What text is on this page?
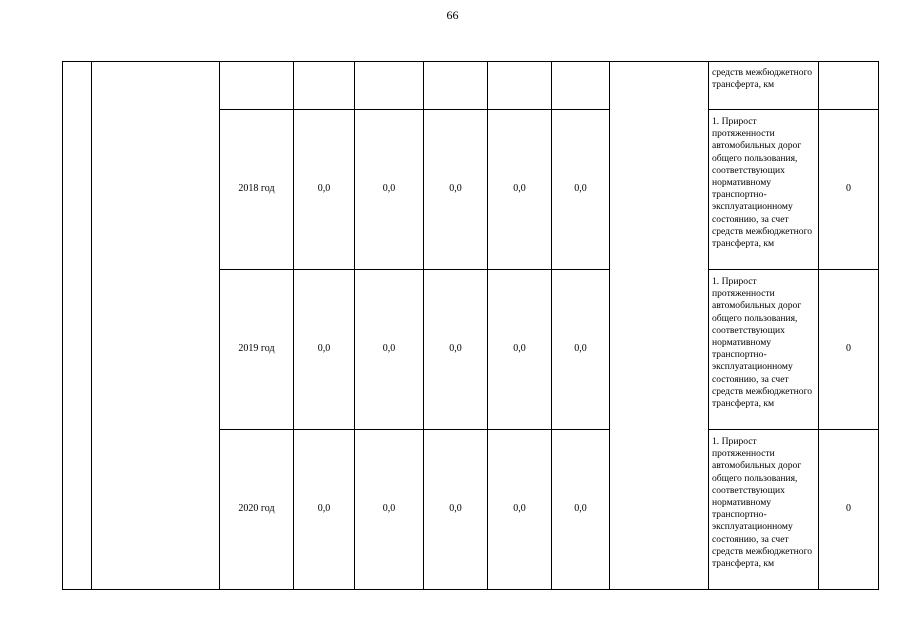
66
									средств межбюджетного трансферта, км	
		2018 год	0,0	0,0	0,0	0,0	0,0		1. Прирост протяженности автомобильных дорог общего пользования, соответствующих нормативному транспортно-эксплуатационному состоянию, за счет средств межбюджетного трансферта, км	0
		2019 год	0,0	0,0	0,0	0,0	0,0		1. Прирост протяженности автомобильных дорог общего пользования, соответствующих нормативному транспортно-эксплуатационному состоянию, за счет средств межбюджетного трансферта, км	0
		2020 год	0,0	0,0	0,0	0,0	0,0		1. Прирост протяженности автомобильных дорог общего пользования, соответствующих нормативному транспортно-эксплуатационному состоянию, за счет средств межбюджетного трансферта, км	0
